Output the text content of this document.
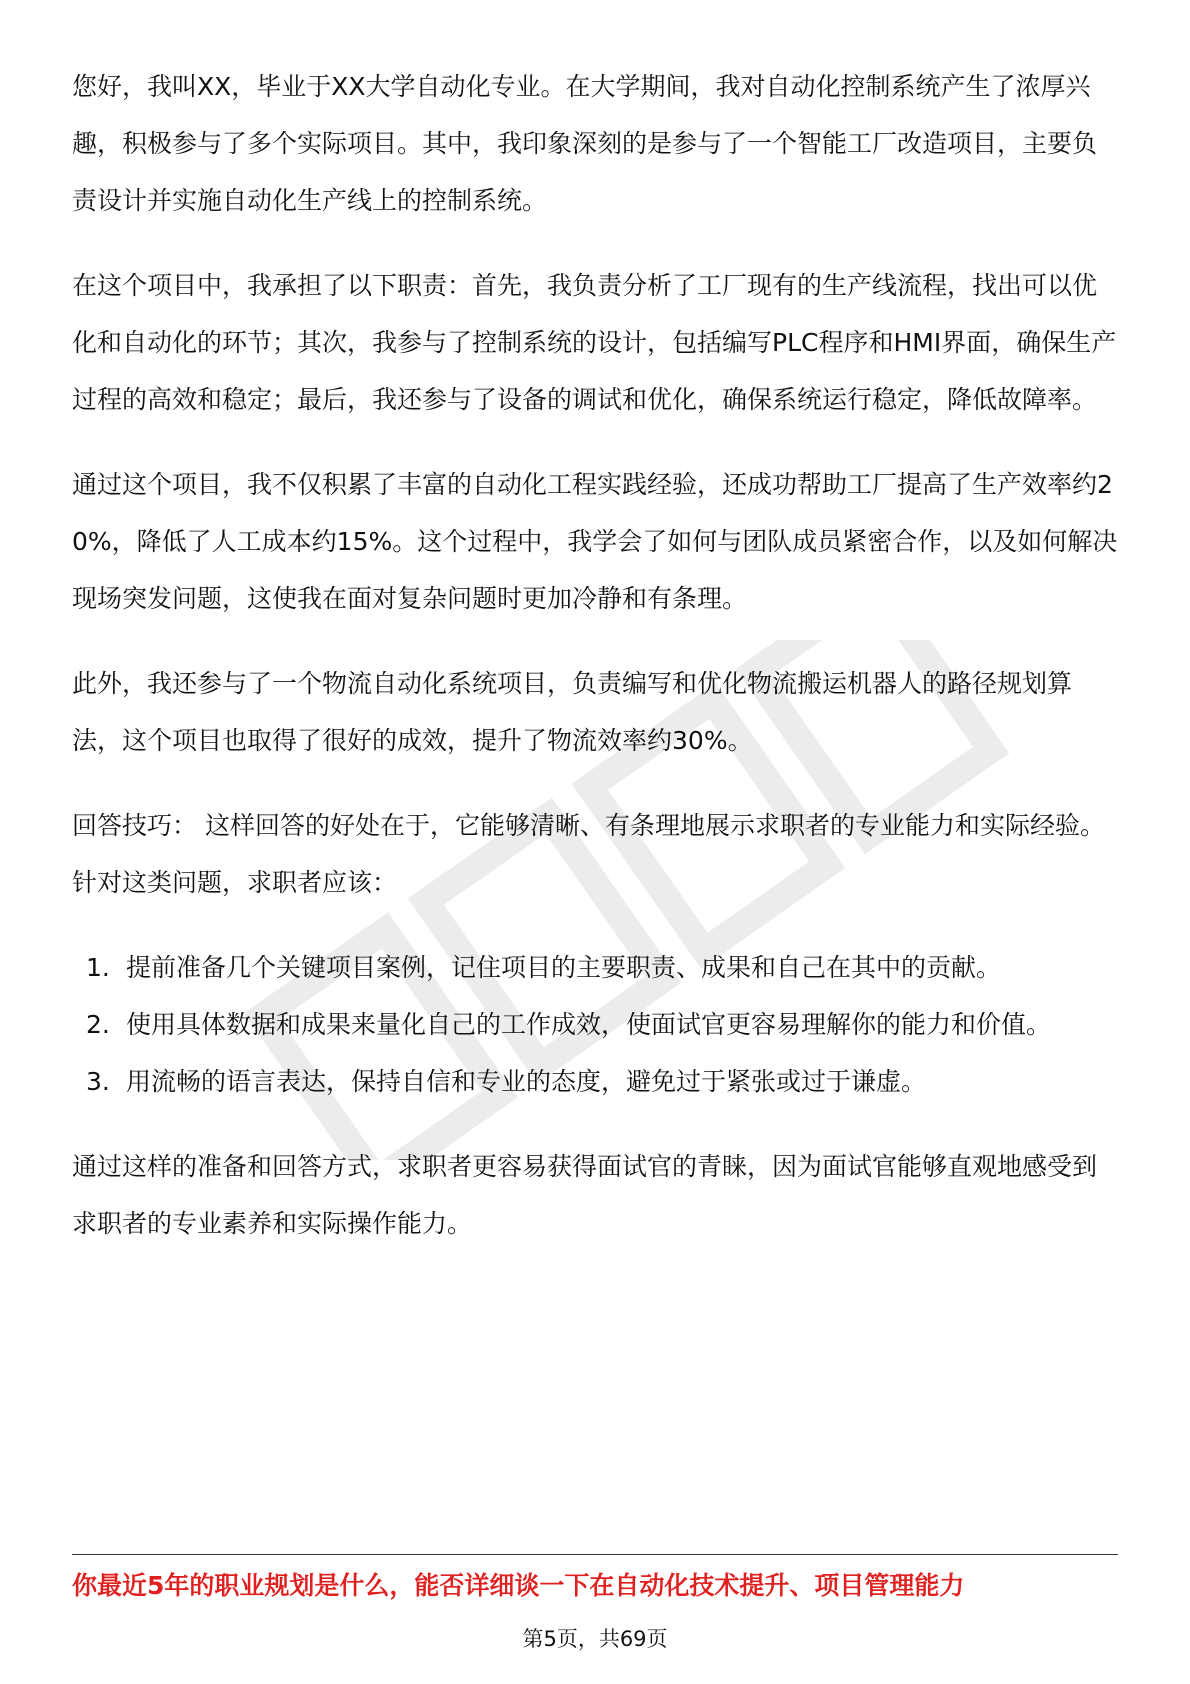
您好，我叫XX，毕业于XX大学自动化专业。在大学期间，我对自动化控制系统产生了浓厚兴趣，积极参与了多个实际项目。其中，我印象深刻的是参与了一个智能工厂改造项目，主要负责设计并实施自动化生产线上的控制系统。

在这个项目中，我承担了以下职责：首先，我负责分析了工厂现有的生产线流程，找出可以优化和自动化的环节；其次，我参与了控制系统的设计，包括编写PLC程序和HMI界面，确保生产过程的高效和稳定；最后，我还参与了设备的调试和优化，确保系统运行稳定，降低故障率。

通过这个项目，我不仅积累了丰富的自动化工程实践经验，还成功帮助工厂提高了生产效率约20%，降低了人工成本约15%。这个过程中，我学会了如何与团队成员紧密合作，以及如何解决现场突发问题，这使我在面对复杂问题时更加冷静和有条理。

此外，我还参与了一个物流自动化系统项目，负责编写和优化物流搬运机器人的路径规划算法，这个项目也取得了很好的成效，提升了物流效率约30%。

回答技巧： 这样回答的好处在于，它能够清晰、有条理地展示求职者的专业能力和实际经验。针对这类问题，求职者应该：

1. 提前准备几个关键项目案例，记住项目的主要职责、成果和自己在其中的贡献。
2. 使用具体数据和成果来量化自己的工作成效，使面试官更容易理解你的能力和价值。
3. 用流畅的语言表达，保持自信和专业的态度，避免过于紧张或过于谦虚。

通过这样的准备和回答方式，求职者更容易获得面试官的青睐，因为面试官能够直观地感受到求职者的专业素养和实际操作能力。

你最近5年的职业规划是什么，能否详细谈一下在自动化技术提升、项目管理能力
第5页，共69页
